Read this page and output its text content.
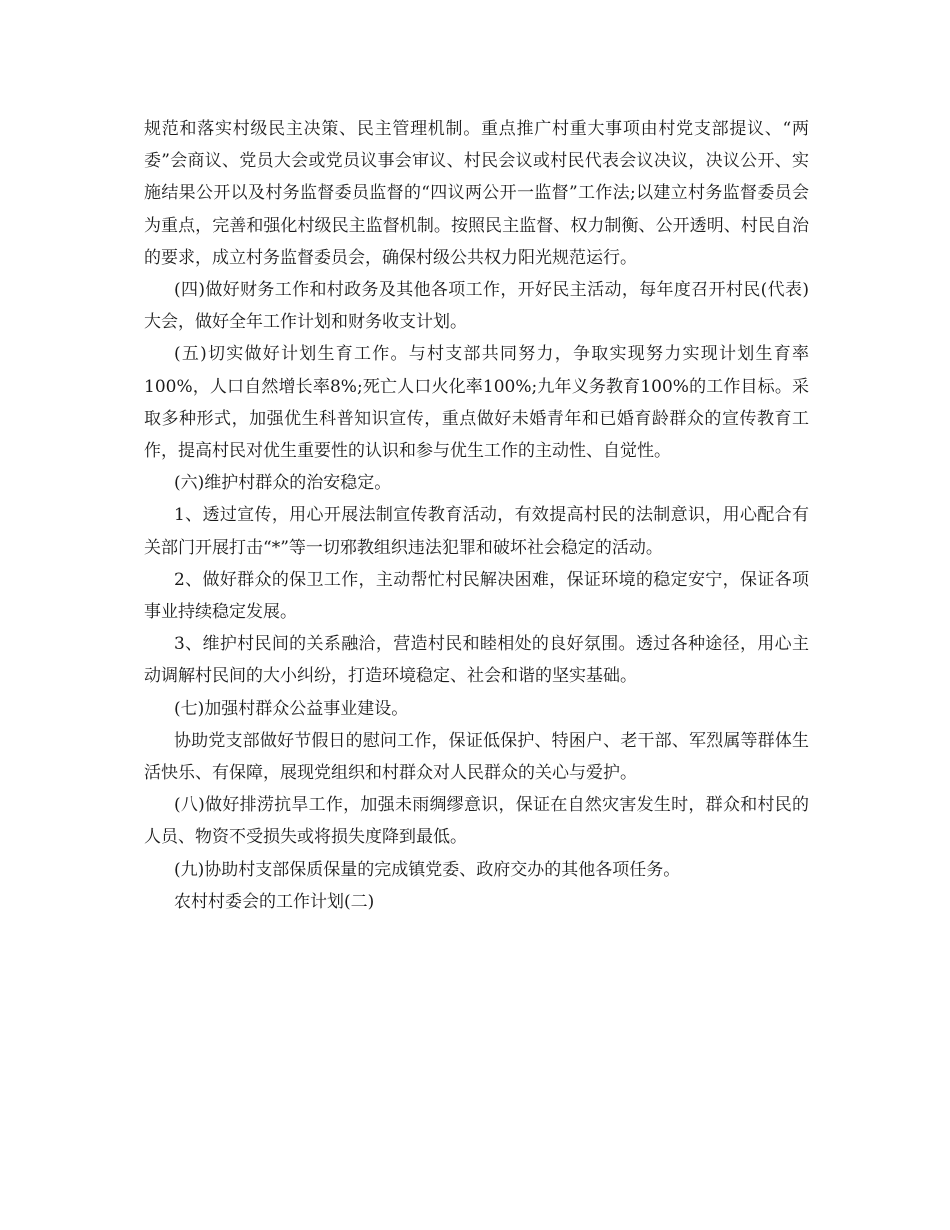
规范和落实村级民主决策、民主管理机制。重点推广村重大事项由村党支部提议、“两委”会商议、党员大会或党员议事会审议、村民会议或村民代表会议决议，决议公开、实施结果公开以及村务监督委员监督的“四议两公开一监督”工作法;以建立村务监督委员会为重点，完善和强化村级民主监督机制。按照民主监督、权力制衡、公开透明、村民自治的要求，成立村务监督委员会，确保村级公共权力阳光规范运行。

(四)做好财务工作和村政务及其他各项工作，开好民主活动，每年度召开村民(代表)大会，做好全年工作计划和财务收支计划。

(五)切实做好计划生育工作。与村支部共同努力，争取实现努力实现计划生育率100%，人口自然增长率8%;死亡人口火化率100%;九年义务教育100%的工作目标。采取多种形式，加强优生科普知识宣传，重点做好未婚青年和已婚育龄群众的宣传教育工作，提高村民对优生重要性的认识和参与优生工作的主动性、自觉性。

(六)维护村群众的治安稳定。

1、透过宣传，用心开展法制宣传教育活动，有效提高村民的法制意识，用心配合有关部门开展打击“*”等一切邪教组织违法犯罪和破坏社会稳定的活动。

2、做好群众的保卫工作，主动帮忙村民解决困难，保证环境的稳定安宁，保证各项事业持续稳定发展。

3、维护村民间的关系融洽，营造村民和睦相处的良好氛围。透过各种途径，用心主动调解村民间的大小纠纷，打造环境稳定、社会和谐的坚实基础。

(七)加强村群众公益事业建设。

协助党支部做好节假日的慰问工作，保证低保护、特困户、老干部、军烈属等群体生活快乐、有保障，展现党组织和村群众对人民群众的关心与爱护。

(八)做好排涝抗旱工作，加强未雨绸缪意识，保证在自然灾害发生时，群众和村民的人员、物资不受损失或将损失度降到最低。

(九)协助村支部保质保量的完成镇党委、政府交办的其他各项任务。

农村村委会的工作计划(二)
